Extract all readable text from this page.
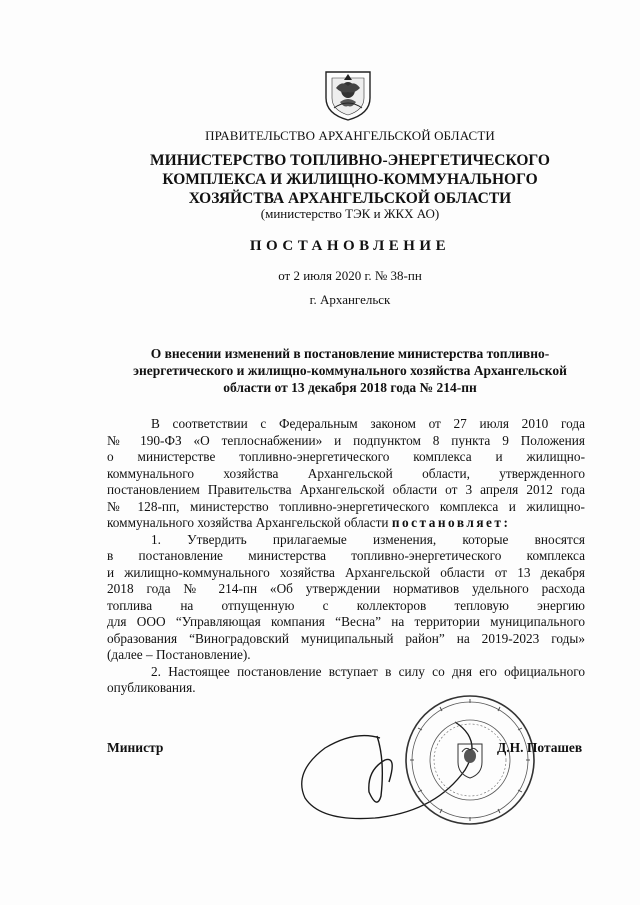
ПРАВИТЕЛЬСТВО АРХАНГЕЛЬСКОЙ ОБЛАСТИ
МИНИСТЕРСТВО ТОПЛИВНО-ЭНЕРГЕТИЧЕСКОГО
КОМПЛЕКСА И ЖИЛИЩНО-КОММУНАЛЬНОГО
ХОЗЯЙСТВА АРХАНГЕЛЬСКОЙ ОБЛАСТИ
(министерство ТЭК и ЖКХ АО)
ПОСТАНОВЛЕНИЕ
от 2 июля 2020 г. № 38-пн
г. Архангельск
О внесении изменений в постановление министерства топливно-
энергетического и жилищно-коммунального хозяйства Архангельской
области от 13 декабря 2018 года № 214-пн
В соответствии с Федеральным законом от 27 июля 2010 года
№ 190-ФЗ «О теплоснабжении» и подпунктом 8 пункта 9 Положения
о министерстве топливно-энергетического комплекса и жилищно-
коммунального хозяйства Архангельской области, утвержденного
постановлением Правительства Архангельской области от 3 апреля 2012 года
№ 128-пп, министерство топливно-энергетического комплекса и жилищно-
коммунального хозяйства Архангельской области постановляет:
1. Утвердить прилагаемые изменения, которые вносятся
в постановление министерства топливно-энергетического комплекса
и жилищно-коммунального хозяйства Архангельской области от 13 декабря
2018 года № 214-пн «Об утверждении нормативов удельного расхода
топлива на отпущенную с коллекторов тепловую энергию
для ООО “Управляющая компания “Весна” на территории муниципального
образования “Виноградовский муниципальный район” на 2019-2023 годы»
(далее – Постановление).
2. Настоящее постановление вступает в силу со дня его официального
опубликования.
Министр	Д.Н. Поташев
